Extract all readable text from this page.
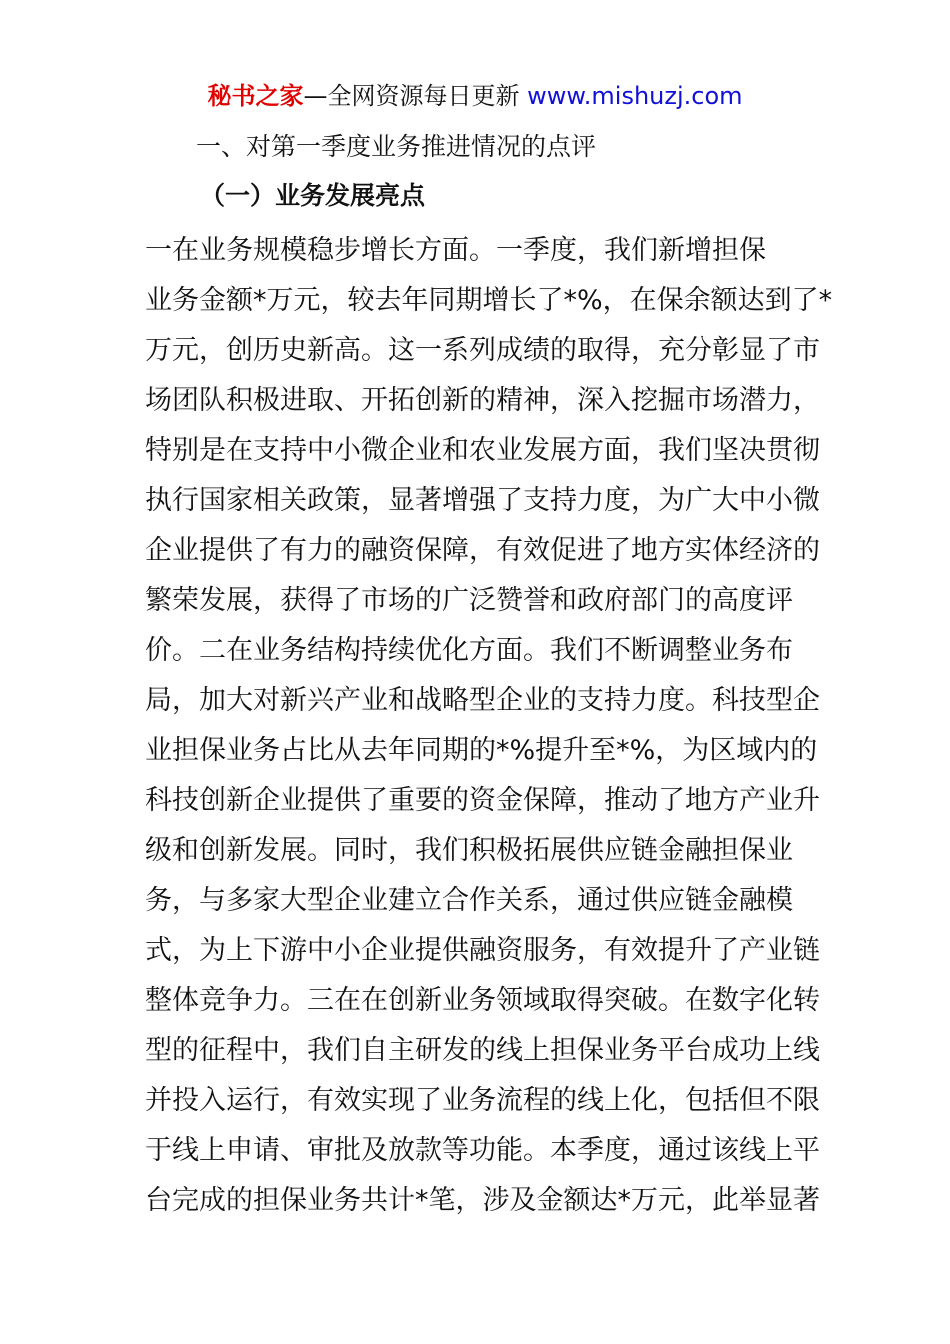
秘书之家—全网资源每日更新 www.mishuzj.com
一、对第一季度业务推进情况的点评
（一）业务发展亮点
一在业务规模稳步增长方面。一季度，我们新增担保
业务金额*万元，较去年同期增长了*%，在保余额达到了*
万元，创历史新高。这一系列成绩的取得，充分彰显了市
场团队积极进取、开拓创新的精神，深入挖掘市场潜力，
特别是在支持中小微企业和农业发展方面，我们坚决贯彻
执行国家相关政策，显著增强了支持力度，为广大中小微
企业提供了有力的融资保障，有效促进了地方实体经济的
繁荣发展，获得了市场的广泛赞誉和政府部门的高度评
价。二在业务结构持续优化方面。我们不断调整业务布
局，加大对新兴产业和战略型企业的支持力度。科技型企
业担保业务占比从去年同期的*%提升至*%，为区域内的
科技创新企业提供了重要的资金保障，推动了地方产业升
级和创新发展。同时，我们积极拓展供应链金融担保业
务，与多家大型企业建立合作关系，通过供应链金融模
式，为上下游中小企业提供融资服务，有效提升了产业链
整体竞争力。三在在创新业务领域取得突破。在数字化转
型的征程中，我们自主研发的线上担保业务平台成功上线
并投入运行，有效实现了业务流程的线上化，包括但不限
于线上申请、审批及放款等功能。本季度，通过该线上平
台完成的担保业务共计*笔，涉及金额达*万元，此举显著
